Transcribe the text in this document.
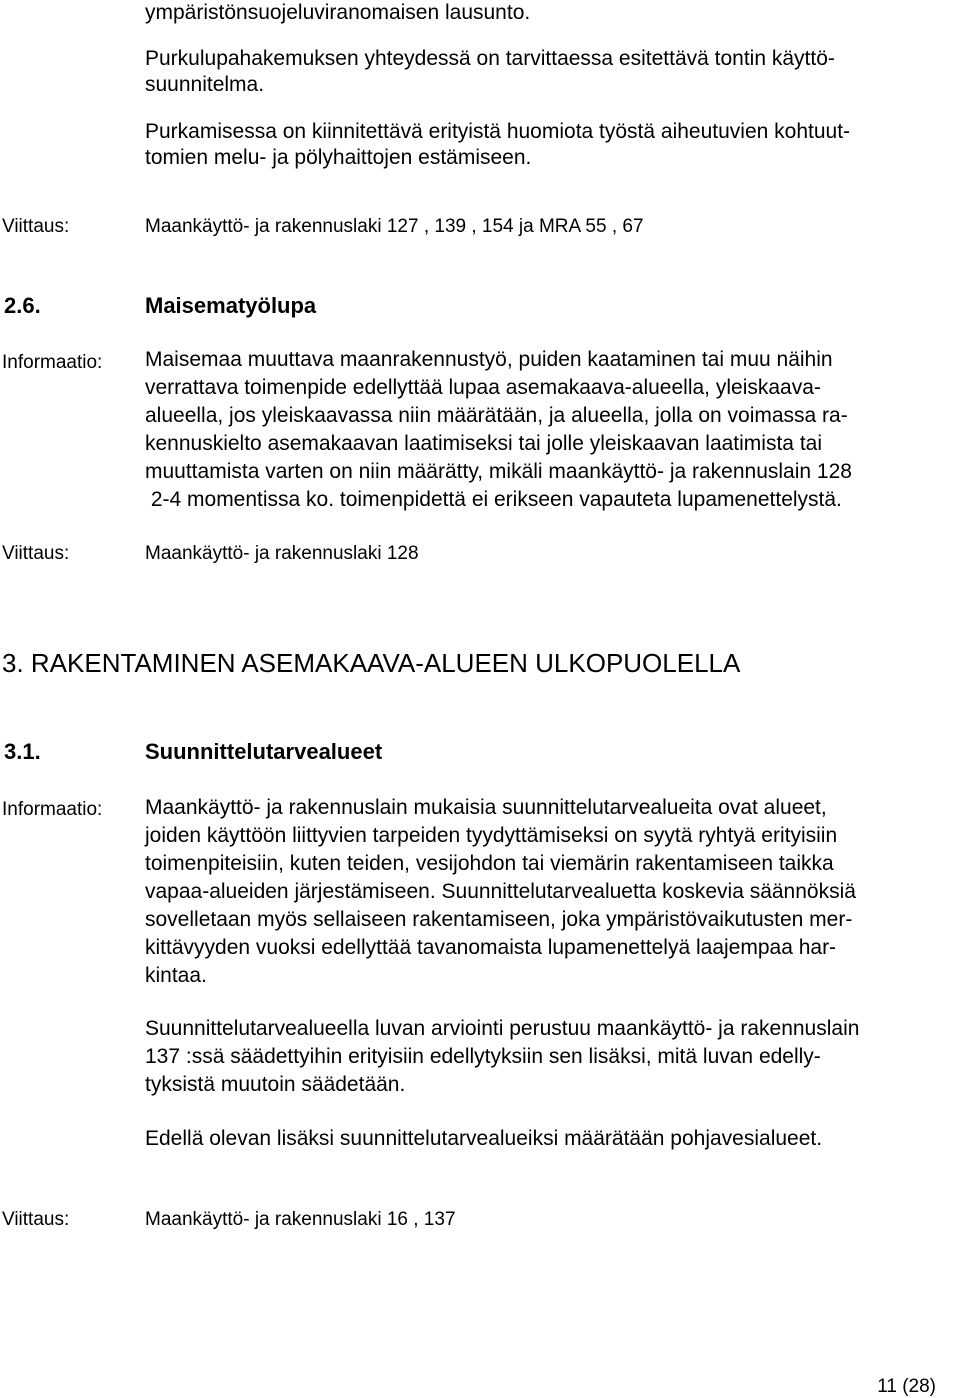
ympäristönsuojeluviranomaisen lausunto.
Purkulupahakemuksen yhteydessä on tarvittaessa esitettävä tontin käyttö-
suunnitelma.
Purkamisessa on kiinnitettävä erityistä huomiota työstä aiheutuvien kohtuut-
tomien melu- ja pölyhaittojen estämiseen.
Viittaus:	Maankäyttö- ja rakennuslaki 127 , 139 , 154 ja MRA 55 , 67
2.6.	Maisematyölupa
Informaatio: Maisemaa muuttava maanrakennustyö, puiden kaataminen tai muu näihin
verrattava toimenpide edellyttää lupaa asemakaava-alueella, yleiskaava-
alueella, jos yleiskaavassa niin määrätään, ja alueella, jolla on voimassa ra-
kennuskielto asemakaavan laatimiseksi tai jolle yleiskaavan laatimista tai
muuttamista varten on niin määrätty, mikäli maankäyttö- ja rakennuslain 128
2-4 momentissa ko. toimenpidettä ei erikseen vapauteta lupamenettelystä.
Viittaus:	Maankäyttö- ja rakennuslaki 128
3. RAKENTAMINEN ASEMAKAAVA-ALUEEN ULKOPUOLELLA
3.1.	Suunnittelutarvealueet
Informaatio: Maankäyttö- ja rakennuslain mukaisia suunnittelutarvealueita ovat alueet,
joiden käyttöön liittyvien tarpeiden tyydyttämiseksi on syytä ryhtyä erityisiin
toimenpiteisiin, kuten teiden, vesijohdon tai viemärin rakentamiseen taikka
vapaa-alueiden järjestämiseen. Suunnittelutarvealuetta koskevia säännöksiä
sovelletaan myös sellaiseen rakentamiseen, joka ympäristövaikutusten mer-
kittävyyden vuoksi edellyttää tavanomaista lupamenettelyä laajempaa har-
kintaa.
Suunnittelutarvealueella luvan arviointi perustuu maankäyttö- ja rakennuslain
137 :ssä säädettyihin erityisiin edellytyksiin sen lisäksi, mitä luvan edelly-
tyksistä muutoin säädetään.
Edellä olevan lisäksi suunnittelutarvealueiksi määrätään pohjavesialueet.
Viittaus:	Maankäyttö- ja rakennuslaki 16 , 137
11 (28)
